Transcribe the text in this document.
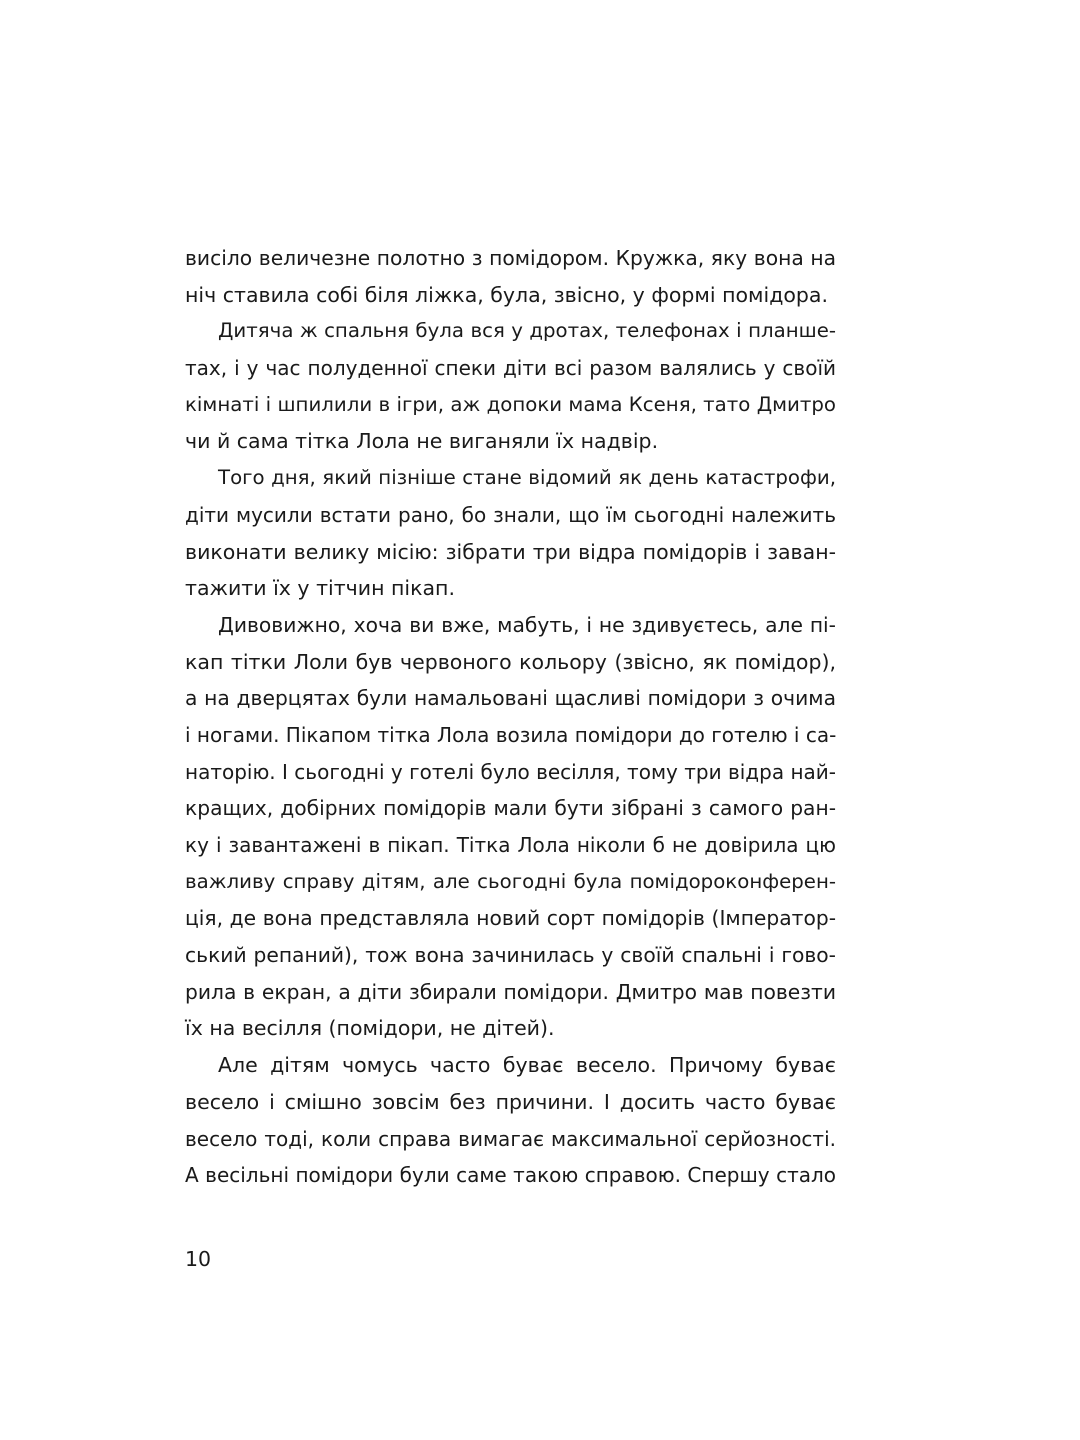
висіло величезне полотно з помідором. Кружка, яку вона на
ніч ставила собі біля ліжка, була, звісно, у формі помідора.
Дитяча ж спальня була вся у дротах, телефонах і планше-
тах, і у час полуденної спеки діти всі разом валялись у своїй
кімнаті і шпилили в ігри, аж допоки мама Ксеня, тато Дмитро
чи й сама тітка Лола не виганяли їх надвір.
Того дня, який пізніше стане відомий як день катастрофи,
діти мусили встати рано, бо знали, що їм сьогодні належить
виконати велику місію: зібрати три відра помідорів і заван-
тажити їх у тітчин пікап.
Дивовижно, хоча ви вже, мабуть, і не здивуєтесь, але пі-
кап тітки Лоли був червоного кольору (звісно, як помідор),
а на дверцятах були намальовані щасливі помідори з очима
і ногами. Пікапом тітка Лола возила помідори до готелю і са-
наторію. І сьогодні у готелі було весілля, тому три відра най-
кращих, добірних помідорів мали бути зібрані з самого ран-
ку і завантажені в пікап. Тітка Лола ніколи б не довірила цю
важливу справу дітям, але сьогодні була помідороконферен-
ція, де вона представляла новий сорт помідорів (Імператор-
ський репаний), тож вона зачинилась у своїй спальні і гово-
рила в екран, а діти збирали помідори. Дмитро мав повезти
їх на весілля (помідори, не дітей).
Але дітям чомусь часто буває весело. Причому буває
весело і смішно зовсім без причини. І досить часто буває
весело тоді, коли справа вимагає максимальної серйозності.
А весільні помідори були саме такою справою. Спершу стало
10
